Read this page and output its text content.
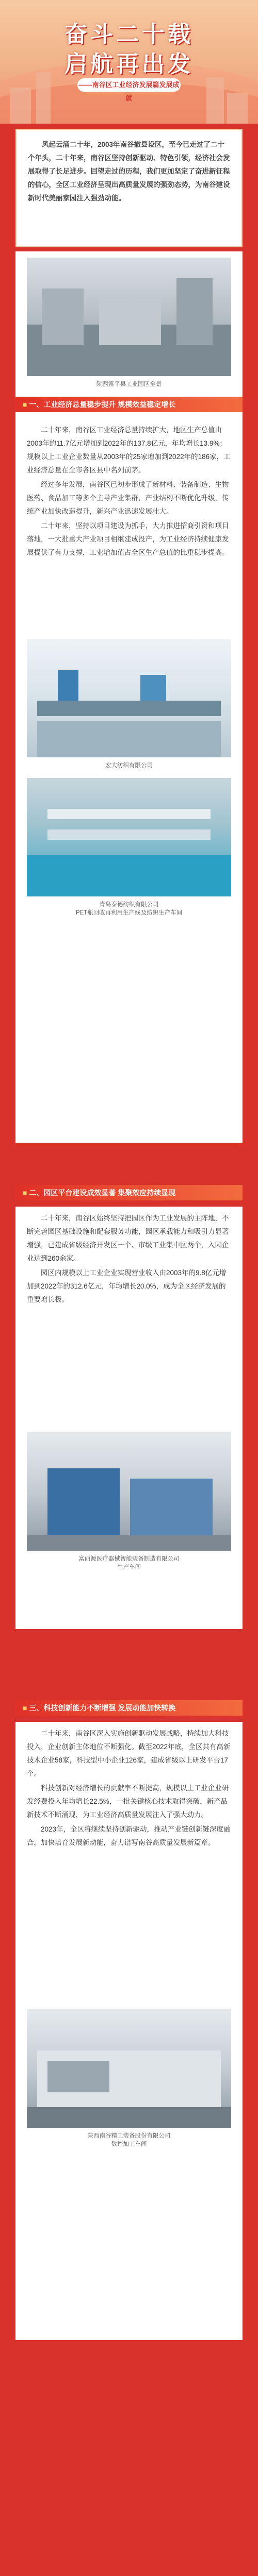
奋斗二十载
启航再出发
——南谷区工业经济发展篇发展成就

风起云涌二十年，2003年南谷撤县设区，至今已走过了二十个年头，二十年来，南谷区坚持创新驱动、特色引领，经济社会发展取得了长足进步。回望走过的历程，我们更加坚定了奋进新征程的信心，全区工业经济呈现出高质量发展的强劲态势，为南谷建设新时代美丽家园注入强劲动能。

陕西富平县工业园区全景
■ 一、工业经济总量稳步提升 规模效益稳定增长

二十年来，南谷区工业经济总量持续扩大，地区生产总值由2003年的11.7亿元增加到2022年的137.8亿元，年均增长13.9%；规模以上工业企业数量从2003年的25家增加到2022年的186家，工业经济总量在全市各区县中名列前茅。

经过多年发展，南谷区已初步形成了新材料、装备制造、生物医药、食品加工等多个主导产业集群，产业结构不断优化升级，传统产业加快改造提升，新兴产业迅速发展壮大。

二十年来，坚持以项目建设为抓手，大力推进招商引资和项目落地，一大批重大产业项目相继建成投产，为工业经济持续健康发展提供了有力支撑，工业增加值占全区生产总值的比重稳步提高。

宏大纺织有限公司
青岛泰德纺织有限公司
PET瓶回收再利用生产线及纺织生产车间
■ 二、园区平台建设成效显著 集聚效应持续显现

二十年来，南谷区始终坚持把园区作为工业发展的主阵地，不断完善园区基础设施和配套服务功能，园区承载能力和吸引力显著增强，已建成省级经济开发区一个、市级工业集中区两个，入园企业达到260余家。

园区内规模以上工业企业实现营业收入由2003年的9.8亿元增加到2022年的312.6亿元，年均增长20.0%，成为全区经济发展的重要增长极。

富丽源医疗器械智能装备制造有限公司
生产车间
■ 三、科技创新能力不断增强 发展动能加快转换

二十年来，南谷区深入实施创新驱动发展战略，持续加大科技投入，企业创新主体地位不断强化。截至2022年底，全区共有高新技术企业58家，科技型中小企业126家，建成省级以上研发平台17个。

科技创新对经济增长的贡献率不断提高，规模以上工业企业研发经费投入年均增长22.5%，一批关键核心技术取得突破，新产品新技术不断涌现，为工业经济高质量发展注入了强大动力。

2023年，全区将继续坚持创新驱动，推动产业链创新链深度融合，加快培育发展新动能，奋力谱写南谷高质量发展新篇章。

陕西南谷精工装备股份有限公司
数控加工车间
